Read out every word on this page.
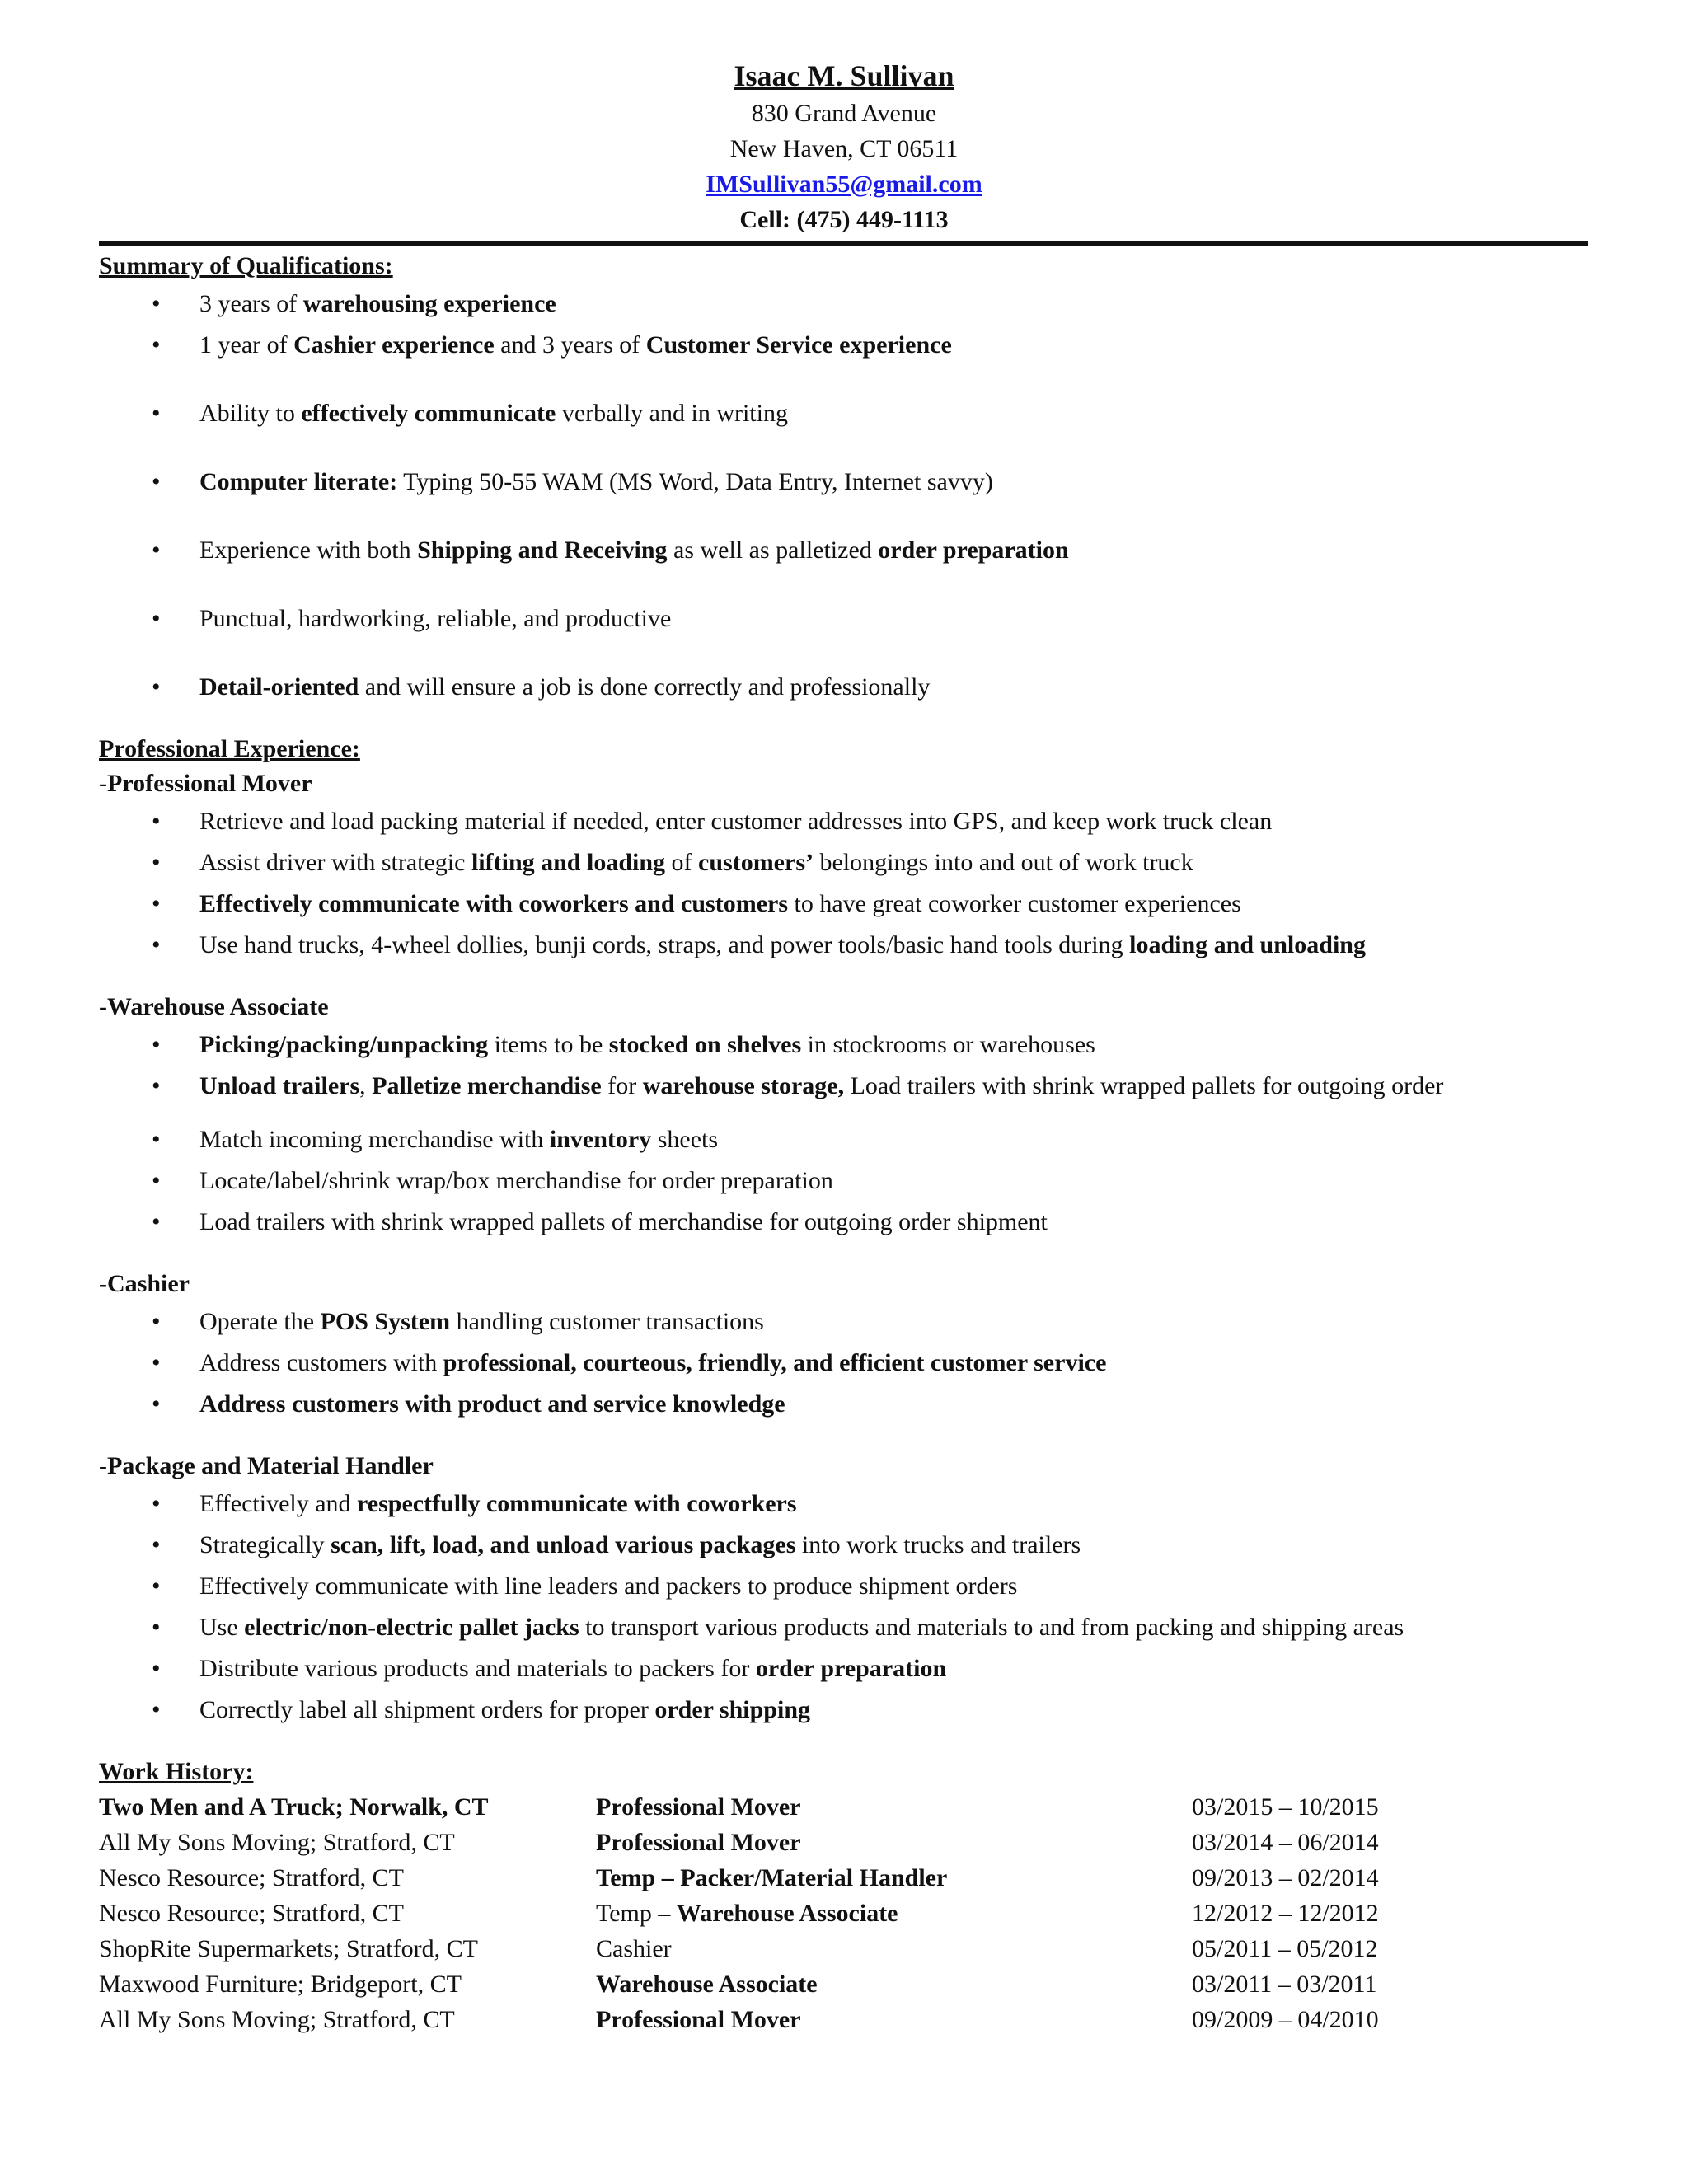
Isaac M. Sullivan
830 Grand Avenue
New Haven, CT 06511
IMSullivan55@gmail.com
Cell: (475) 449-1113
Summary of Qualifications:
• 3 years of warehousing experience
• 1 year of Cashier experience and 3 years of Customer Service experience
• Ability to effectively communicate verbally and in writing
• Computer literate: Typing 50-55 WAM (MS Word, Data Entry, Internet savvy)
• Experience with both Shipping and Receiving as well as palletized order preparation
• Punctual, hardworking, reliable, and productive
• Detail-oriented and will ensure a job is done correctly and professionally
Professional Experience:
-Professional Mover
• Retrieve and load packing material if needed, enter customer addresses into GPS, and keep work truck clean
• Assist driver with strategic lifting and loading of customers’ belongings into and out of work truck
• Effectively communicate with coworkers and customers to have great coworker customer experiences
• Use hand trucks, 4-wheel dollies, bunji cords, straps, and power tools/basic hand tools during loading and unloading
-Warehouse Associate
• Picking/packing/unpacking items to be stocked on shelves in stockrooms or warehouses
• Unload trailers, Palletize merchandise for warehouse storage, Load trailers with shrink wrapped pallets for outgoing order
• Match incoming merchandise with inventory sheets
• Locate/label/shrink wrap/box merchandise for order preparation
• Load trailers with shrink wrapped pallets of merchandise for outgoing order shipment
-Cashier
• Operate the POS System handling customer transactions
• Address customers with professional, courteous, friendly, and efficient customer service
• Address customers with product and service knowledge
-Package and Material Handler
• Effectively and respectfully communicate with coworkers
• Strategically scan, lift, load, and unload various packages into work trucks and trailers
• Effectively communicate with line leaders and packers to produce shipment orders
• Use electric/non-electric pallet jacks to transport various products and materials to and from packing and shipping areas
• Distribute various products and materials to packers for order preparation
• Correctly label all shipment orders for proper order shipping
Work History:
Two Men and A Truck; Norwalk, CT	Professional Mover	03/2015 – 10/2015
All My Sons Moving; Stratford, CT	Professional Mover	03/2014 – 06/2014
Nesco Resource; Stratford, CT	Temp – Packer/Material Handler	09/2013 – 02/2014
Nesco Resource; Stratford, CT	Temp – Warehouse Associate	12/2012 – 12/2012
ShopRite Supermarkets; Stratford, CT	Cashier	05/2011 – 05/2012
Maxwood Furniture; Bridgeport, CT	Warehouse Associate	03/2011 – 03/2011
All My Sons Moving; Stratford, CT	Professional Mover	09/2009 – 04/2010
